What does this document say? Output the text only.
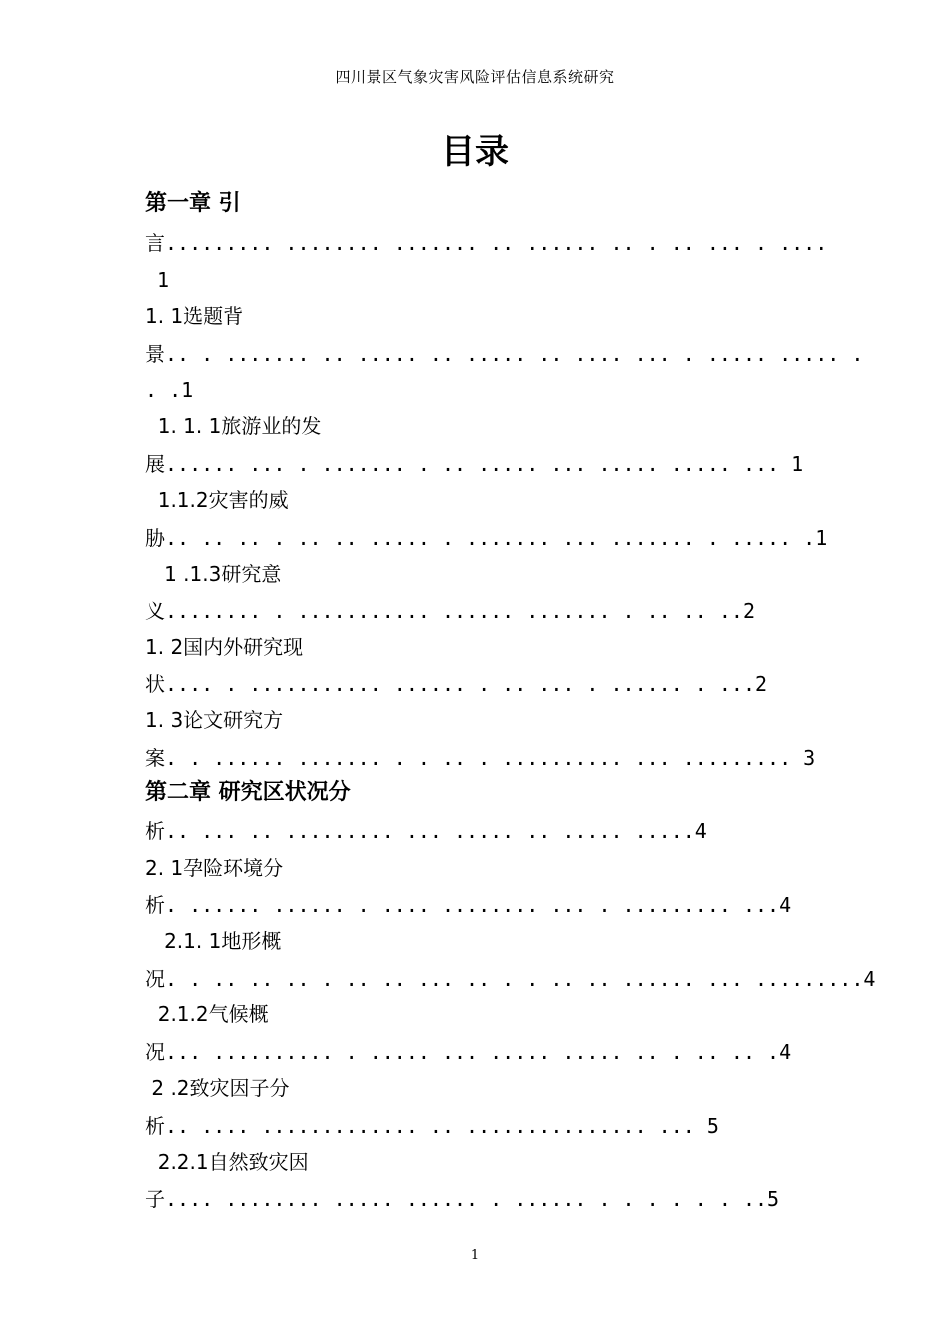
四川景区气象灾害风险评估信息系统研究
目录
第一章 引
言......... ........ ....... .. ...... .. . .. ... . ....
1
1. 1选题背
景.. . ....... .. ..... .. ..... .. .... ... . ..... ..... .
. .1
1. 1. 1旅游业的发
展...... ... . ....... . .. ..... ... ..... ..... ... 1
1.1.2灾害的威
胁.. .. .. . .. .. ..... . ....... ... ....... . ..... .1
1 .1.3研究意
义........ . ........... ...... ....... . .. .. ..2
1. 2国内外研究现
状.... . ........... ...... . .. ... . ...... . ...2
1. 3论文研究方
案. . ...... ....... . . .. . .......... ... ......... 3
第二章 研究区状况分
析.. ... .. ......... ... ..... .. ..... .....4
2. 1孕险环境分
析. ...... ...... . .... ........ ... . ......... ...4
2.1. 1地形概
况. . .. .. .. . .. .. ... .. . . .. .. ...... ... .........4
2.1.2气候概
况... .......... . ..... ... ..... ..... .. . .. .. .4
2 .2致灾因子分
析.. .... ............. .. ............... ... 5
2.2.1自然致灾因
子.... ........ ..... ...... . ...... . . . . . . ..5
1
